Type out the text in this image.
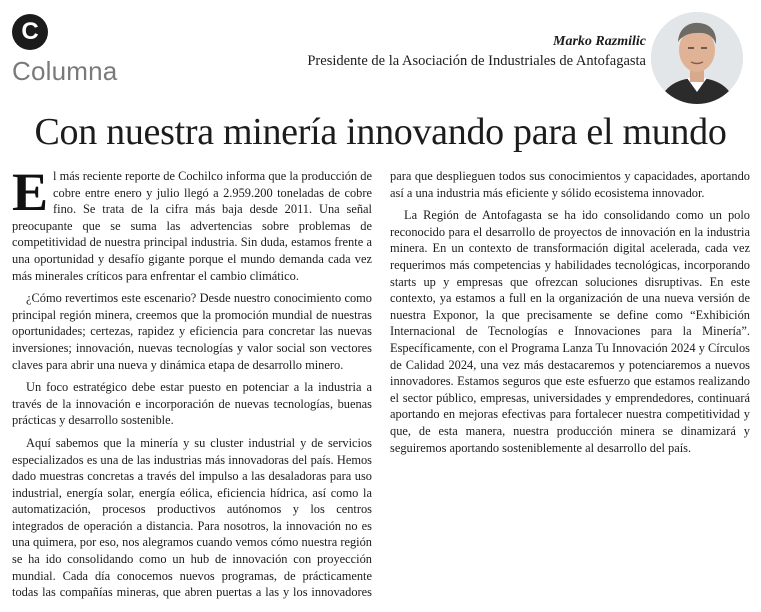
C
Columna
Marko Razmilic
Presidente de la Asociación de Industriales de Antofagasta
Con nuestra minería innovando para el mundo

El más reciente reporte de Cochilco informa que la producción de cobre entre enero y julio llegó a 2.959.200 toneladas de cobre fino. Se trata de la cifra más baja desde 2011. Una señal preocupante que se suma las advertencias sobre problemas de competitividad de nuestra principal industria. Sin duda, estamos frente a una oportunidad y desafío gigante porque el mundo demanda cada vez más minerales críticos para enfrentar el cambio climático.

¿Cómo revertimos este escenario? Desde nuestro conocimiento como principal región minera, creemos que la promoción mundial de nuestras oportunidades; certezas, rapidez y eficiencia para concretar las nuevas inversiones; innovación, nuevas tecnologías y valor social son vectores claves para abrir una nueva y dinámica etapa de desarrollo minero.

Un foco estratégico debe estar puesto en potenciar a la industria a través de la innovación e incorporación de nuevas tecnologías, buenas prácticas y desarrollo sostenible.

Aquí sabemos que la minería y su cluster industrial y de servicios especializados es una de las industrias más innovadoras del país. Hemos dado muestras concretas a través del impulso a las desaladoras para uso industrial, energía solar, energía eólica, eficiencia hídrica, así como la automatización, procesos productivos autónomos y los centros integrados de operación a distancia. Para nosotros, la innovación no es una quimera, por eso, nos alegramos cuando vemos cómo nuestra región se ha ido consolidando como un hub de innovación con proyección mundial. Cada día conocemos nuevos programas, de prácticamente todas las compañías mineras, que abren puertas a las y los innovadores para que desplieguen todos sus conocimientos y capacidades, aportando así a una industria más eficiente y sólido ecosistema innovador.

La Región de Antofagasta se ha ido consolidando como un polo reconocido para el desarrollo de proyectos de innovación en la industria minera. En un contexto de transformación digital acelerada, cada vez requerimos más competencias y habilidades tecnológicas, incorporando starts up y empresas que ofrezcan soluciones disruptivas. En este contexto, ya estamos a full en la organización de una nueva versión de nuestra Exponor, la que precisamente se define como “Exhibición Internacional de Tecnologías e Innovaciones para la Minería”. Específicamente, con el Programa Lanza Tu Innovación 2024 y Círculos de Calidad 2024, una vez más destacaremos y potenciaremos a nuevos innovadores. Estamos seguros que este esfuerzo que estamos realizando el sector público, empresas, universidades y emprendedores, continuará aportando en mejoras efectivas para fortalecer nuestra competitividad y que, de esta manera, nuestra producción minera se dinamizará y seguiremos aportando sosteniblemente al desarrollo del país.
